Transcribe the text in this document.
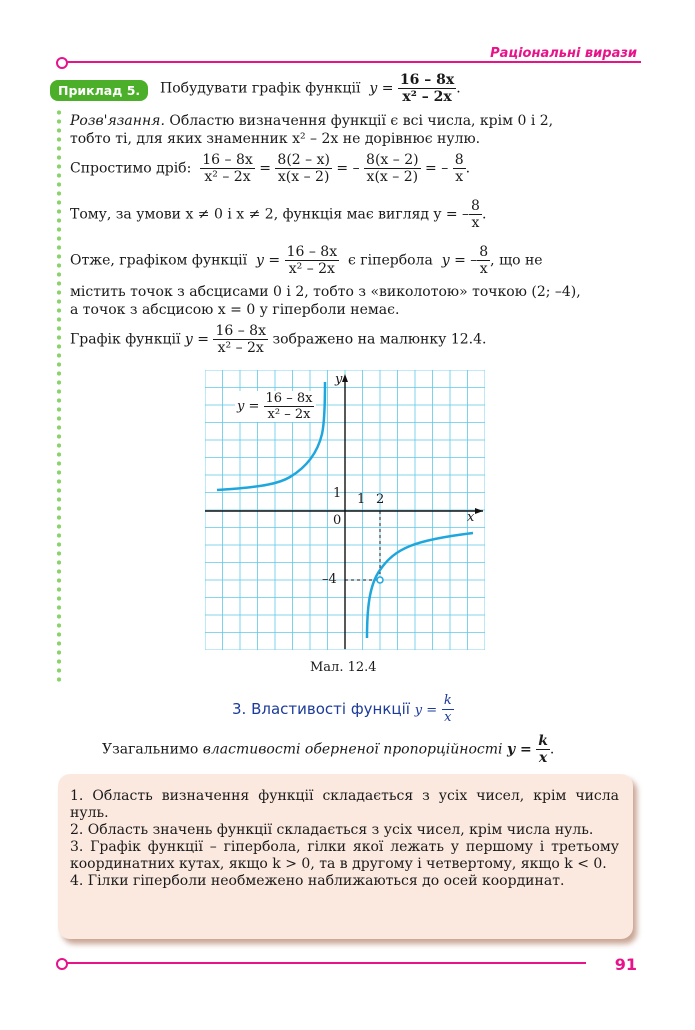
Раціональні вирази
Приклад 5.	Побудувати графік функції $y = \frac{16 - 8x}{\text{x² – 2x}}$ .
Розв'язання. Областю визначення функції є всі числа, крім 0 і 2,
тобто ті, для яких знаменник x² – 2x не дорівнює нулю.
Спростимо дріб: $\frac{16 - 8x}{\text{x² – 2x}} = \frac{8(2 - x)}{x(x - 2)}$ = – $\frac{8(x - 2)}{x(x - 2)}$ = – $\frac{8}{x}$ .
Тому, за умови x ≠ 0 і x ≠ 2, функція має вигляд y = – $\frac{8}{x}$ .
Отже, графіком функції $y = \frac{16 - 8x}{\text{x² – 2x}}$ є гіпербола y = – $\frac{8}{x}$ , що не
містить точок з абсцисами 0 і 2, тобто з «виколотою» точкою (2; –4),
а точок з абсцисою x = 0 у гіперболи немає.
Графік функції $y = \frac{16 - 8x}{\text{x² – 2x}}$ зображено на малюнку 12.4.
y
x
0
1 1 2
–4
$y = \frac{16 - 8x}{\text{x² – 2x}}$
Мал. 12.4
3. Властивості функції $y = \frac{k}{x}$
Узагальнимо властивості оберненої пропорційності $y = \frac{k}{x}$ .
1. Область визначення функції складається з усіх чисел, крім числа нуль.
2. Область значень функції складається з усіх чисел, крім числа нуль.
3. Графік функції – гіпербола, гілки якої лежать у першому і третьому координатних кутах, якщо k > 0, та в другому і четвертому, якщо k < 0.
4. Гілки гіперболи необмежено наближаються до осей координат.
91
